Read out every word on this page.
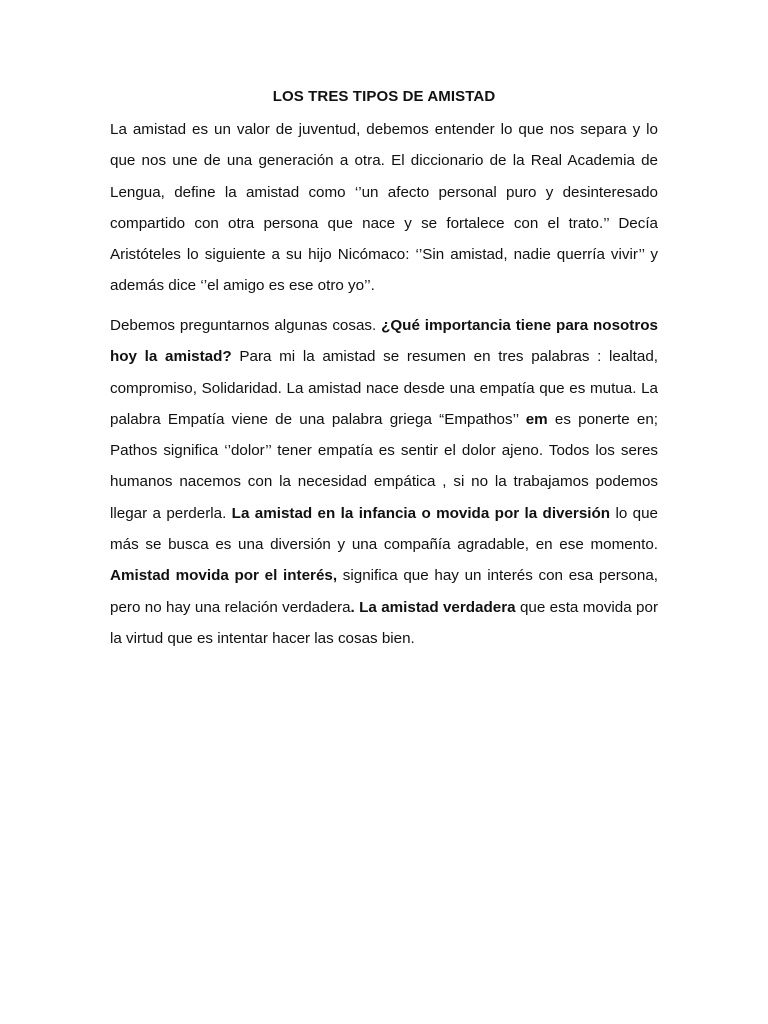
LOS TRES TIPOS DE AMISTAD

La amistad es un valor de juventud, debemos entender lo que nos separa y lo que nos une de una generación a otra. El diccionario de la Real Academia de Lengua, define la amistad como ‘’un afecto personal puro y desinteresado compartido con otra persona que nace y se fortalece con el trato.’’ Decía Aristóteles lo siguiente a su hijo Nicómaco: ‘’Sin amistad, nadie querría vivir’’ y además dice ‘’el amigo es ese otro yo’’.

Debemos preguntarnos algunas cosas. ¿Qué importancia tiene para nosotros hoy la amistad? Para mi la amistad se resumen en tres palabras : lealtad, compromiso, Solidaridad. La amistad nace desde una empatía que es mutua. La palabra Empatía viene de una palabra griega “Empathos’’ em es ponerte en; Pathos significa ‘’dolor’’ tener empatía es sentir el dolor ajeno. Todos los seres humanos nacemos con la necesidad empática , si no la trabajamos podemos llegar a perderla. La amistad en la infancia o movida por la diversión lo que más se busca es una diversión y una compañía agradable, en ese momento. Amistad movida por el interés, significa que hay un interés con esa persona, pero no hay una relación verdadera. La amistad verdadera que esta movida por la virtud que es intentar hacer las cosas bien.
